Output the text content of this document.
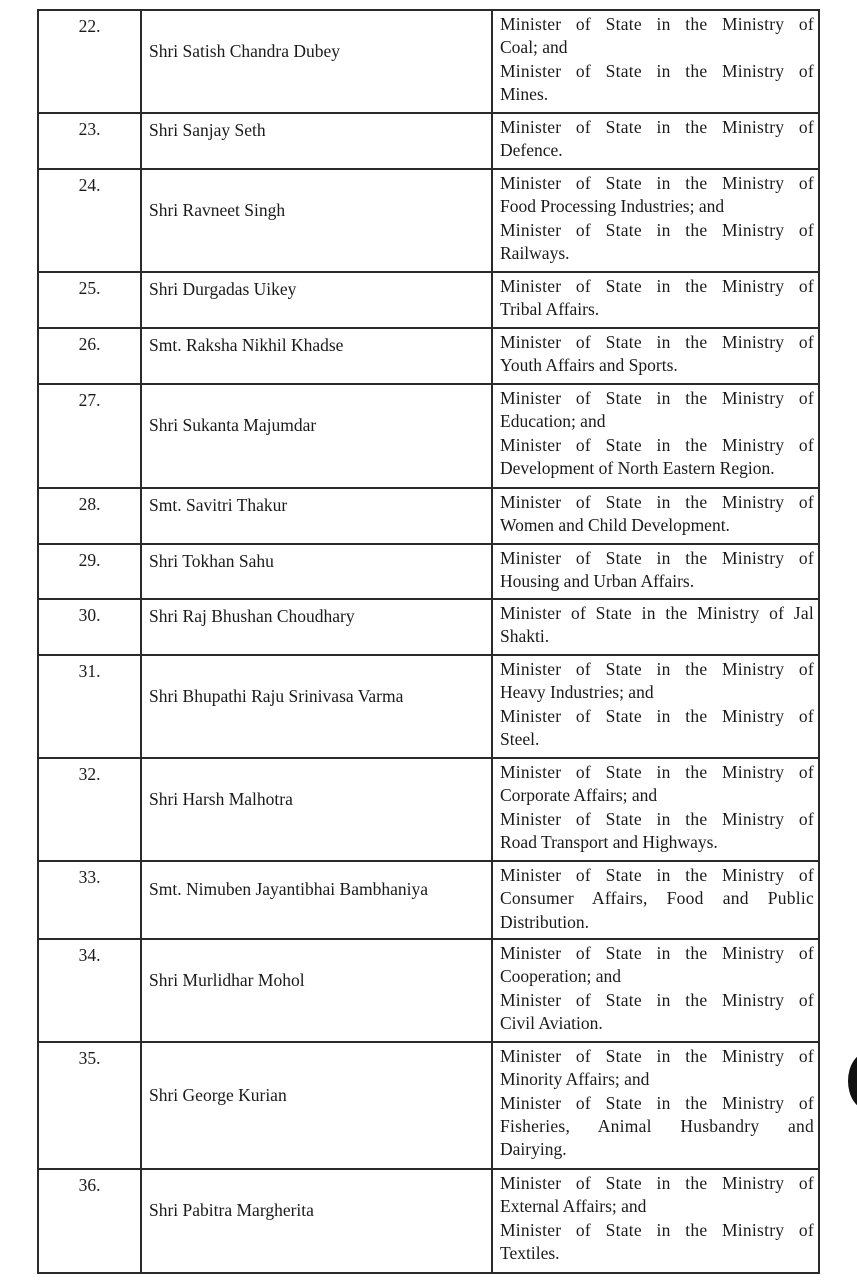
22.	Shri Satish Chandra Dubey	Minister of State in the Ministry of
Coal; and
Minister of State in the Ministry of
Mines.

23.	Shri Sanjay Seth	Minister of State in the Ministry of
Defence.

24.	Shri Ravneet Singh	Minister of State in the Ministry of
Food Processing Industries; and
Minister of State in the Ministry of
Railways.

25.	Shri Durgadas Uikey	Minister of State in the Ministry of
Tribal Affairs.

26.	Smt. Raksha Nikhil Khadse	Minister of State in the Ministry of
Youth Affairs and Sports.

27.	Shri Sukanta Majumdar	Minister of State in the Ministry of
Education; and
Minister of State in the Ministry of
Development of North Eastern Region.

28.	Smt. Savitri Thakur	Minister of State in the Ministry of
Women and Child Development.

29.	Shri Tokhan Sahu	Minister of State in the Ministry of
Housing and Urban Affairs.

30.	Shri Raj Bhushan Choudhary	Minister of State in the Ministry of Jal
Shakti.

31.	Shri Bhupathi Raju Srinivasa Varma	Minister of State in the Ministry of
Heavy Industries; and
Minister of State in the Ministry of
Steel.

32.	Shri Harsh Malhotra	Minister of State in the Ministry of
Corporate Affairs; and
Minister of State in the Ministry of
Road Transport and Highways.

33.	Smt. Nimuben Jayantibhai Bambhaniya	Minister of State in the Ministry of
Consumer Affairs, Food and Public
Distribution.

34.	Shri Murlidhar Mohol	Minister of State in the Ministry of
Cooperation; and
Minister of State in the Ministry of
Civil Aviation.

35.	Shri George Kurian	Minister of State in the Ministry of
Minority Affairs; and
Minister of State in the Ministry of
Fisheries, Animal Husbandry and
Dairying.

36.	Shri Pabitra Margherita	Minister of State in the Ministry of
External Affairs; and
Minister of State in the Ministry of
Textiles.
